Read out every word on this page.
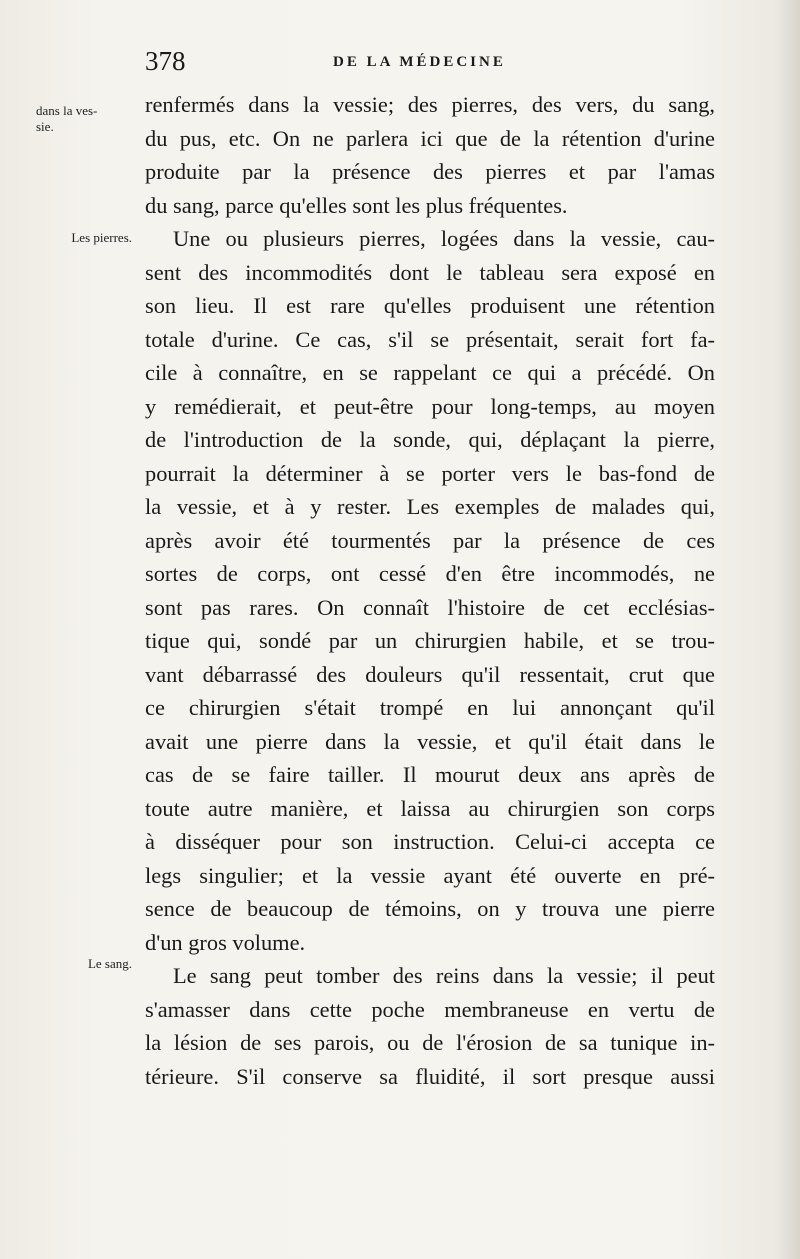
378	DE LA MÉDECINE
dans la ves-
sie.
Les pierres.
Le sang.
renfermés dans la vessie; des pierres, des vers, du sang,
du pus, etc. On ne parlera ici que de la rétention d'urine
produite par la présence des pierres et par l'amas
du sang, parce qu'elles sont les plus fréquentes.
Une ou plusieurs pierres, logées dans la vessie, cau-
sent des incommodités dont le tableau sera exposé en
son lieu. Il est rare qu'elles produisent une rétention
totale d'urine. Ce cas, s'il se présentait, serait fort fa-
cile à connaître, en se rappelant ce qui a précédé. On
y remédierait, et peut-être pour long-temps, au moyen
de l'introduction de la sonde, qui, déplaçant la pierre,
pourrait la déterminer à se porter vers le bas-fond de
la vessie, et à y rester. Les exemples de malades qui,
après avoir été tourmentés par la présence de ces
sortes de corps, ont cessé d'en être incommodés, ne
sont pas rares. On connaît l'histoire de cet ecclésias-
tique qui, sondé par un chirurgien habile, et se trou-
vant débarrassé des douleurs qu'il ressentait, crut que
ce chirurgien s'était trompé en lui annonçant qu'il
avait une pierre dans la vessie, et qu'il était dans le
cas de se faire tailler. Il mourut deux ans après de
toute autre manière, et laissa au chirurgien son corps
à disséquer pour son instruction. Celui-ci accepta ce
legs singulier; et la vessie ayant été ouverte en pré-
sence de beaucoup de témoins, on y trouva une pierre
d'un gros volume.
Le sang peut tomber des reins dans la vessie; il peut
s'amasser dans cette poche membraneuse en vertu de
la lésion de ses parois, ou de l'érosion de sa tunique in-
térieure. S'il conserve sa fluidité, il sort presque aussi
